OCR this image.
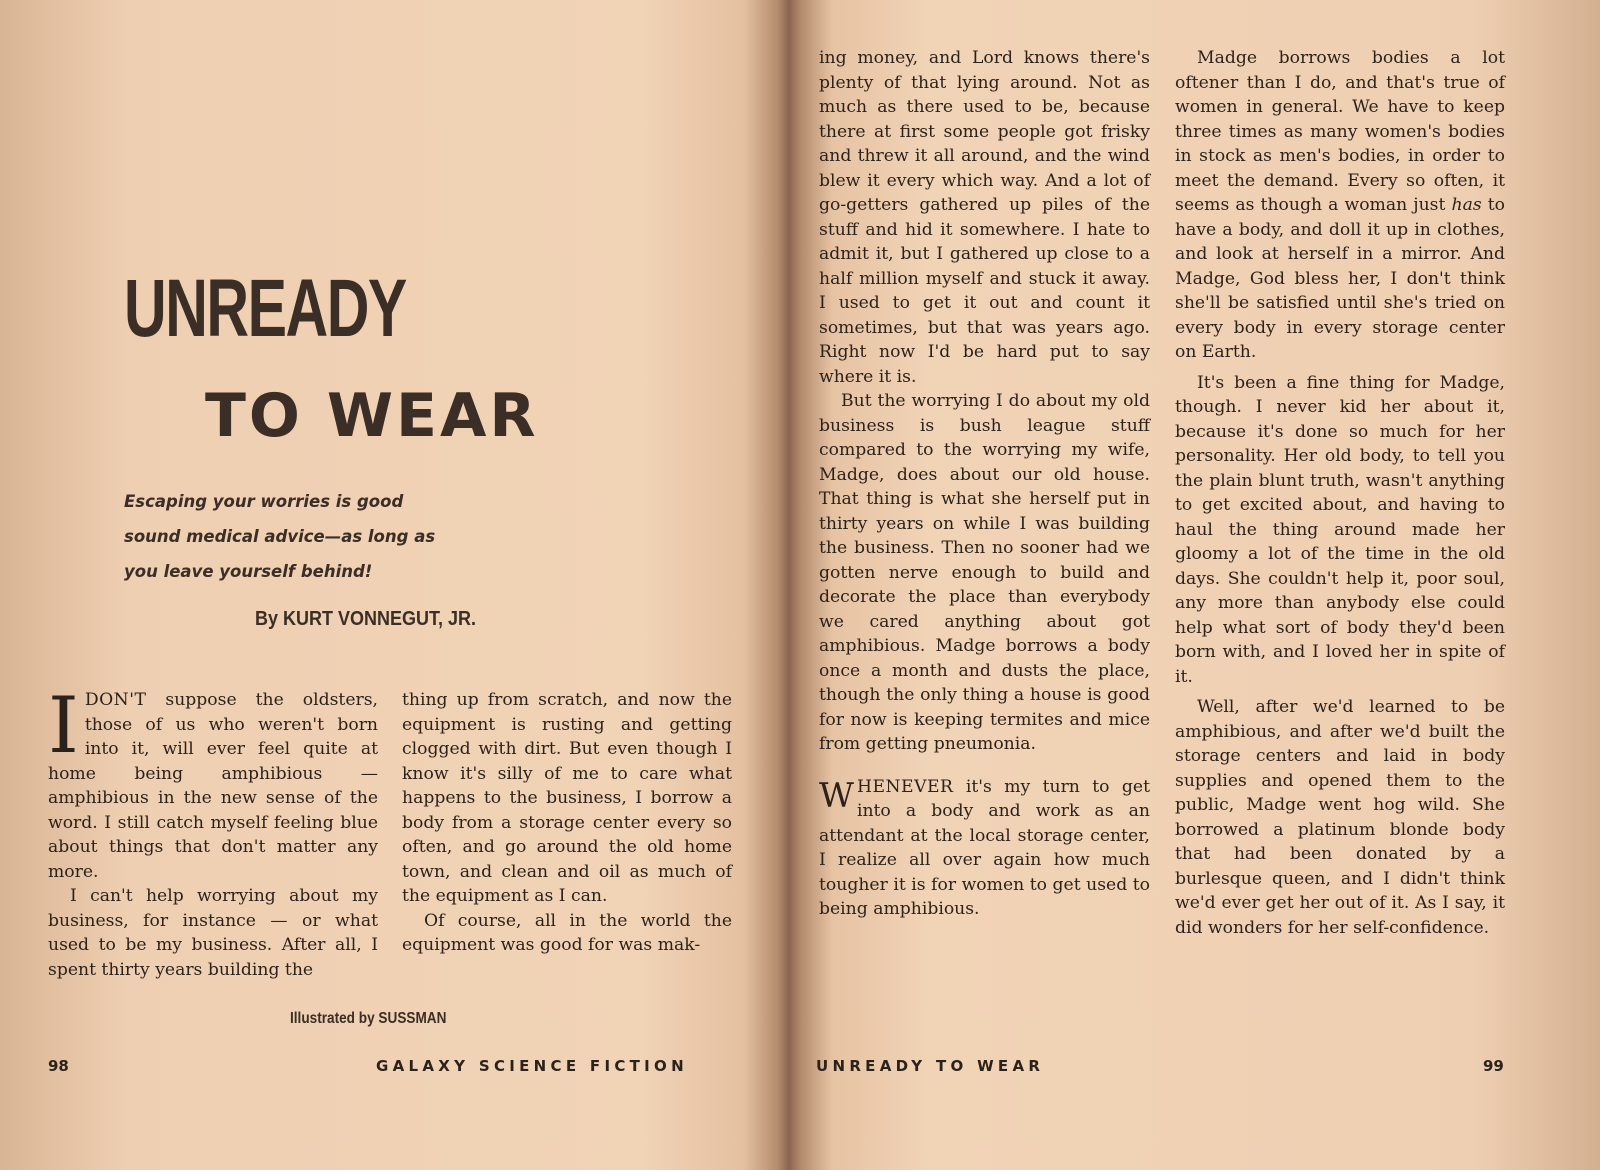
UNREADY
TO WEAR

Escaping your worries is good sound medical advice—as long as you leave yourself behind!

By KURT VONNEGUT, JR.

IDON'T suppose the oldsters, those of us who weren't born into it, will ever feel quite at home being amphibious — amphibious in the new sense of the word. I still catch myself feeling blue about things that don't matter any more.

I can't help worrying about my business, for instance — or what used to be my business. After all, I spent thirty years building the

thing up from scratch, and now the equipment is rusting and getting clogged with dirt. But even though I know it's silly of me to care what happens to the business, I borrow a body from a storage center every so often, and go around the old home town, and clean and oil as much of the equipment as I can.

Of course, all in the world the equipment was good for was mak-

Illustrated by SUSSMAN

98	GALAXY SCIENCE FICTION

ing money, and Lord knows there's plenty of that lying around. Not as much as there used to be, because there at first some people got frisky and threw it all around, and the wind blew it every which way. And a lot of go-getters gathered up piles of the stuff and hid it somewhere. I hate to admit it, but I gathered up close to a half million myself and stuck it away. I used to get it out and count it sometimes, but that was years ago. Right now I'd be hard put to say where it is.

But the worrying I do about my old business is bush league stuff compared to the worrying my wife, Madge, does about our old house. That thing is what she herself put in thirty years on while I was building the business. Then no sooner had we gotten nerve enough to build and decorate the place than everybody we cared anything about got amphibious. Madge borrows a body once a month and dusts the place, though the only thing a house is good for now is keeping termites and mice from getting pneumonia.

WHENEVER it's my turn to get into a body and work as an attendant at the local storage center, I realize all over again how much tougher it is for women to get used to being amphibious.

Madge borrows bodies a lot oftener than I do, and that's true of women in general. We have to keep three times as many women's bodies in stock as men's bodies, in order to meet the demand. Every so often, it seems as though a woman just has to have a body, and doll it up in clothes, and look at herself in a mirror. And Madge, God bless her, I don't think she'll be satisfied until she's tried on every body in every storage center on Earth.

It's been a fine thing for Madge, though. I never kid her about it, because it's done so much for her personality. Her old body, to tell you the plain blunt truth, wasn't anything to get excited about, and having to haul the thing around made her gloomy a lot of the time in the old days. She couldn't help it, poor soul, any more than anybody else could help what sort of body they'd been born with, and I loved her in spite of it.

Well, after we'd learned to be amphibious, and after we'd built the storage centers and laid in body supplies and opened them to the public, Madge went hog wild. She borrowed a platinum blonde body that had been donated by a burlesque queen, and I didn't think we'd ever get her out of it. As I say, it did wonders for her self-confidence.

UNREADY TO WEAR	99
